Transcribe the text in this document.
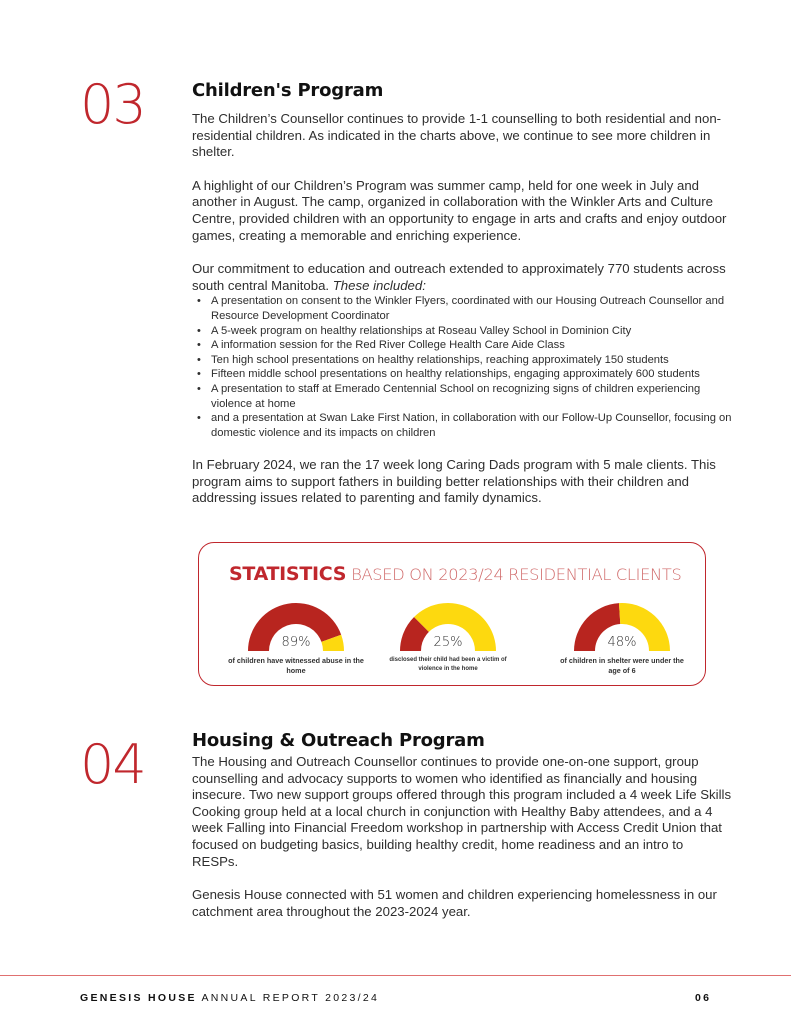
03	Children's Program

The Children’s Counsellor continues to provide 1-1 counselling to both residential and non-residential children. As indicated in the charts above, we continue to see more children in shelter.

A highlight of our Children’s Program was summer camp, held for one week in July and another in August. The camp, organized in collaboration with the Winkler Arts and Culture Centre, provided children with an opportunity to engage in arts and crafts and enjoy outdoor games, creating a memorable and enriching experience.

Our commitment to education and outreach extended to approximately 770 students across south central Manitoba. These included:

• A presentation on consent to the Winkler Flyers, coordinated with our Housing Outreach Counsellor and Resource Development Coordinator
• A 5-week program on healthy relationships at Roseau Valley School in Dominion City
• A information session for the Red River College Health Care Aide Class
• Ten high school presentations on healthy relationships, reaching approximately 150 students
• Fifteen middle school presentations on healthy relationships, engaging approximately 600 students
• A presentation to staff at Emerado Centennial School on recognizing signs of children experiencing violence at home
• and a presentation at Swan Lake First Nation, in collaboration with our Follow-Up Counsellor, focusing on domestic violence and its impacts on children

In February 2024, we ran the 17 week long Caring Dads program with 5 male clients. This program aims to support fathers in building better relationships with their children and addressing issues related to parenting and family dynamics.

STATISTICS BASED ON 2023/24 RESIDENTIAL CLIENTS
89%
of children have witnessed abuse in the home
25%
disclosed their child had been a victim of violence in the home
48%
of children in shelter were under the age of 6
04	Housing & Outreach Program

The Housing and Outreach Counsellor continues to provide one-on-one support, group counselling and advocacy supports to women who identified as financially and housing insecure. Two new support groups offered through this program included a 4 week Life Skills Cooking group held at a local church in conjunction with Healthy Baby attendees, and a 4 week Falling into Financial Freedom workshop in partnership with Access Credit Union that focused on budgeting basics, building healthy credit, home readiness and an intro to RESPs.

Genesis House connected with 51 women and children experiencing homelessness in our catchment area throughout the 2023-2024 year.

GENESIS HOUSE ANNUAL REPORT 2023/24	06
